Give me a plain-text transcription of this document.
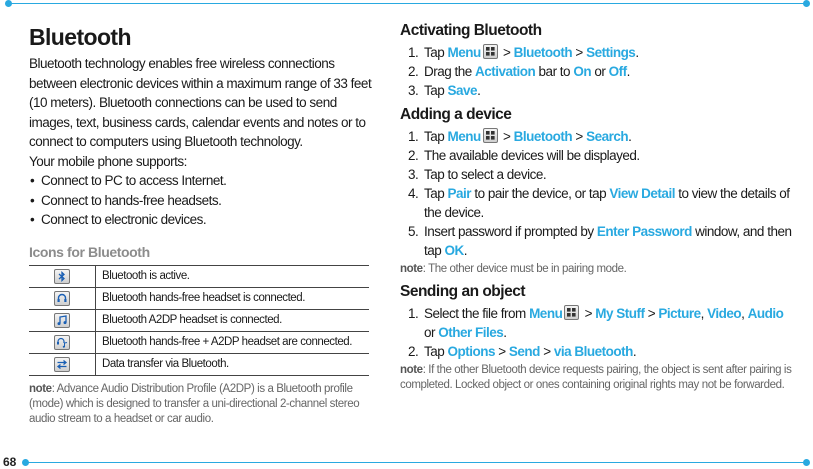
68
Bluetooth

Bluetooth technology enables free wireless connections between electronic devices within a maximum range of 33 feet (10 meters). Bluetooth connections can be used to send images, text, business cards, calendar events and notes or to connect to computers using Bluetooth technology.

Your mobile phone supports:

• Connect to PC to access Internet.
• Connect to hands-free headsets.
• Connect to electronic devices.
Icons for Bluetooth
	Bluetooth is active.

	Bluetooth hands-free headset is connected.

	Bluetooth A2DP headset is connected.

	Bluetooth hands-free + A2DP headset are connected.

	Data transfer via Bluetooth.

note: Advance Audio Distribution Profile (A2DP) is a Bluetooth profile (mode) which is designed to transfer a uni-directional 2-channel stereo audio stream to a headset or car audio.

Activating Bluetooth
1. Tap Menu
> Bluetooth > Settings.
2. Drag the Activation bar to On or Off.
3. Tap Save.
Adding a device
1. Tap Menu
> Bluetooth > Search.
2. The available devices will be displayed.
3. Tap to select a device.
4. Tap Pair to pair the device, or tap View Detail to view the details of the device.
5. Insert password if prompted by Enter Password window, and then tap OK.

note: The other device must be in pairing mode.

Sending an object
1. Select the file from Menu
> My Stuff > Picture, Video, Audio or Other Files.
2. Tap Options > Send > via Bluetooth.

note: If the other Bluetooth device requests pairing, the object is sent after pairing is completed. Locked object or ones containing original rights may not be forwarded.
